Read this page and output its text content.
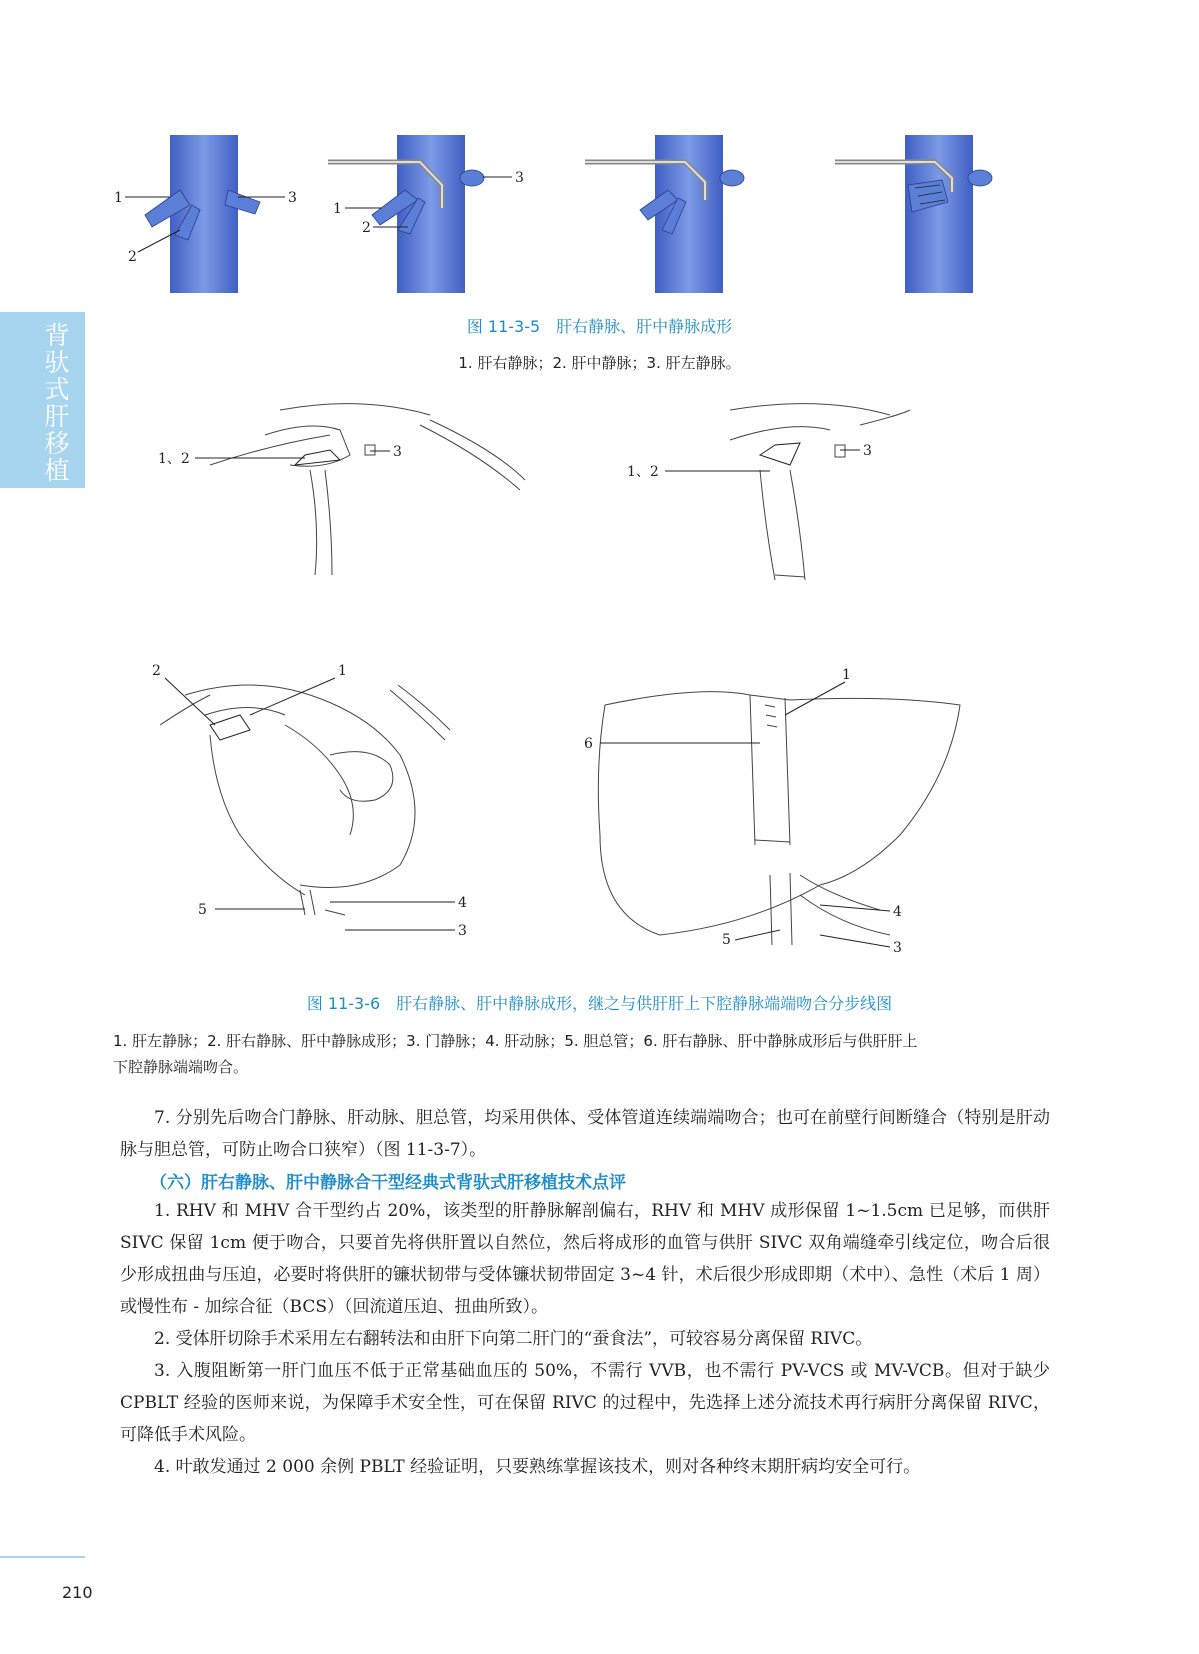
背驮式肝移植
1
2
3
1
2
3
图 11-3-5　肝右静脉、肝中静脉成形
1. 肝右静脉；2. 肝中静脉；3. 肝左静脉。
1、2	3
1、2
3
2	1
5	4
3
1
6
4
5	3
图 11-3-6　肝右静脉、肝中静脉成形，继之与供肝肝上下腔静脉端端吻合分步线图
1. 肝左静脉；2. 肝右静脉、肝中静脉成形；3. 门静脉；4. 肝动脉；5. 胆总管；6. 肝右静脉、肝中静脉成形后与供肝肝上
下腔静脉端端吻合。
7. 分别先后吻合门静脉、肝动脉、胆总管，均采用供体、受体管道连续端端吻合；也可在前壁行间断缝合（特别是肝动脉与胆总管，可防止吻合口狭窄）（图 11-3-7）。
（六）肝右静脉、肝中静脉合干型经典式背驮式肝移植技术点评
1. RHV 和 MHV 合干型约占 20%，该类型的肝静脉解剖偏右，RHV 和 MHV 成形保留 1~1.5cm 已足够，而供肝 SIVC 保留 1cm 便于吻合，只要首先将供肝置以自然位，然后将成形的血管与供肝 SIVC 双角端缝牵引线定位，吻合后很少形成扭曲与压迫，必要时将供肝的镰状韧带与受体镰状韧带固定 3~4 针，术后很少形成即期（术中）、急性（术后 1 周）或慢性布 - 加综合征（BCS）（回流道压迫、扭曲所致）。
2. 受体肝切除手术采用左右翻转法和由肝下向第二肝门的“蚕食法”，可较容易分离保留 RIVC。
3. 入腹阻断第一肝门血压不低于正常基础血压的 50%，不需行 VVB，也不需行 PV-VCS 或 MV-VCB。但对于缺少 CPBLT 经验的医师来说，为保障手术安全性，可在保留 RIVC 的过程中，先选择上述分流技术再行病肝分离保留 RIVC，可降低手术风险。
4. 叶敢发通过 2 000 余例 PBLT 经验证明，只要熟练掌握该技术，则对各种终末期肝病均安全可行。
210
